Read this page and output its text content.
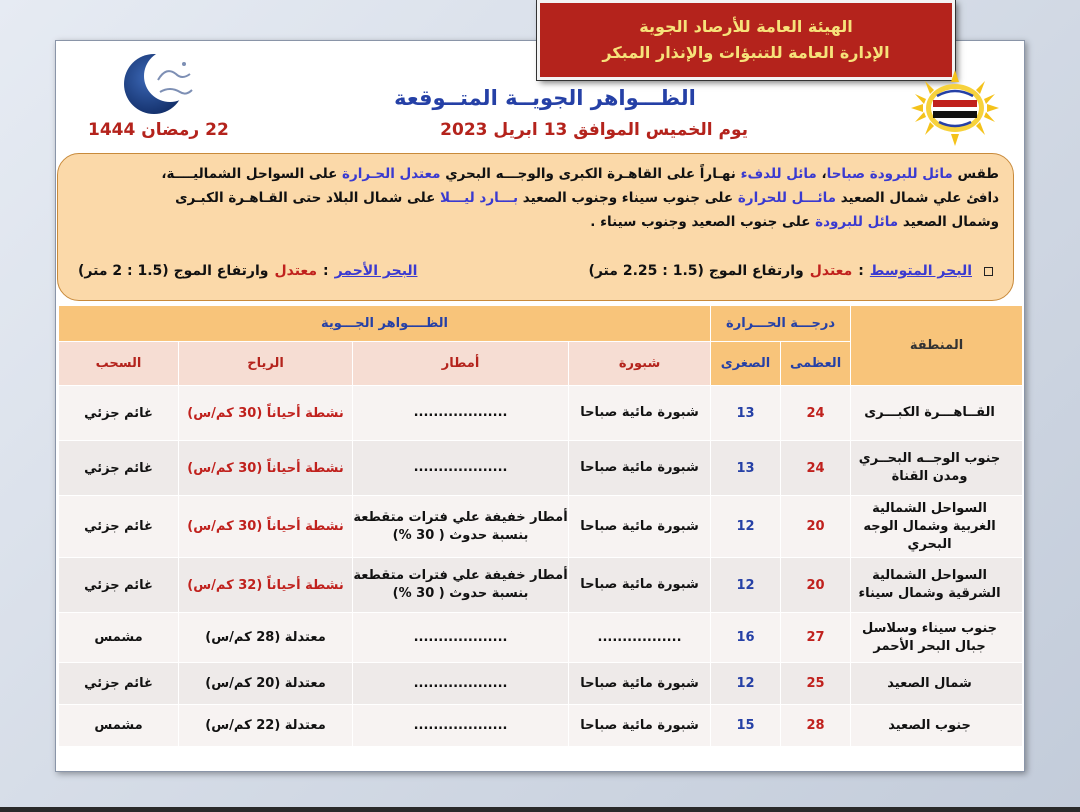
الهيئة العامة للأرصاد الجوية
الإدارة العامة للتنبؤات والإنذار المبكر
الظـــواهر الجويــة المتــوقعة
يوم الخميس الموافق 13 ابريل 2023
22 رمضان 1444

طقس مائل للبرودة صباحا، مائل للدفء نهـاراً على القاهـرة الكبرى والوجـــه البحري معتدل الحـرارة على السواحل الشماليــــة،

دافئ علي شمال الصعيد مائـــل للحرارة على جنوب سيناء وجنوب الصعيد بـــارد ليـــلا على شمال البلاد حتى القـاهـرة الكبـرى

وشمال الصعيد مائل للبرودة على جنوب الصعيد وجنوب سيناء .

البحر المتوسط
:
معتدل
وارتفاع الموج (1.5 : 2.25 متر)
البحر الأحمر
:
معتدل
وارتفاع الموج (1.5 : 2 متر)
المنطقة	درجـــة الحـــرارة		الظــــواهر الجـــوية			
	العظمى	الصغرى	شبورة	أمطار	الرياح	السحب
القــاهـــرة الكبـــرى	24	13	شبورة مائية صباحا	...................	نشطة أحياناً (30 كم/س)	غائم جزئي
جنوب الوجــه البحــري ومدن القناة	24	13	شبورة مائية صباحا	...................	نشطة أحياناً (30 كم/س)	غائم جزئي
السواحل الشمالية الغربية وشمال الوجه البحري	20	12	شبورة مائية صباحا	أمطار خفيفة علي فترات متقطعة بنسبة حدوث ( 30 %)	نشطة أحياناً (30 كم/س)	غائم جزئي
السواحل الشمالية الشرقية وشمال سيناء	20	12	شبورة مائية صباحا	أمطار خفيفة علي فترات متقطعة بنسبة حدوث ( 30 %)	نشطة أحياناً (32 كم/س)	غائم جزئي
جنوب سيناء وسلاسل جبال البحر الأحمر	27	16	.................	...................	معتدلة (28 كم/س)	مشمس
شمال الصعيد	25	12	شبورة مائية صباحا	...................	معتدلة (20 كم/س)	غائم جزئي
جنوب الصعيد	28	15	شبورة مائية صباحا	...................	معتدلة (22 كم/س)	مشمس
